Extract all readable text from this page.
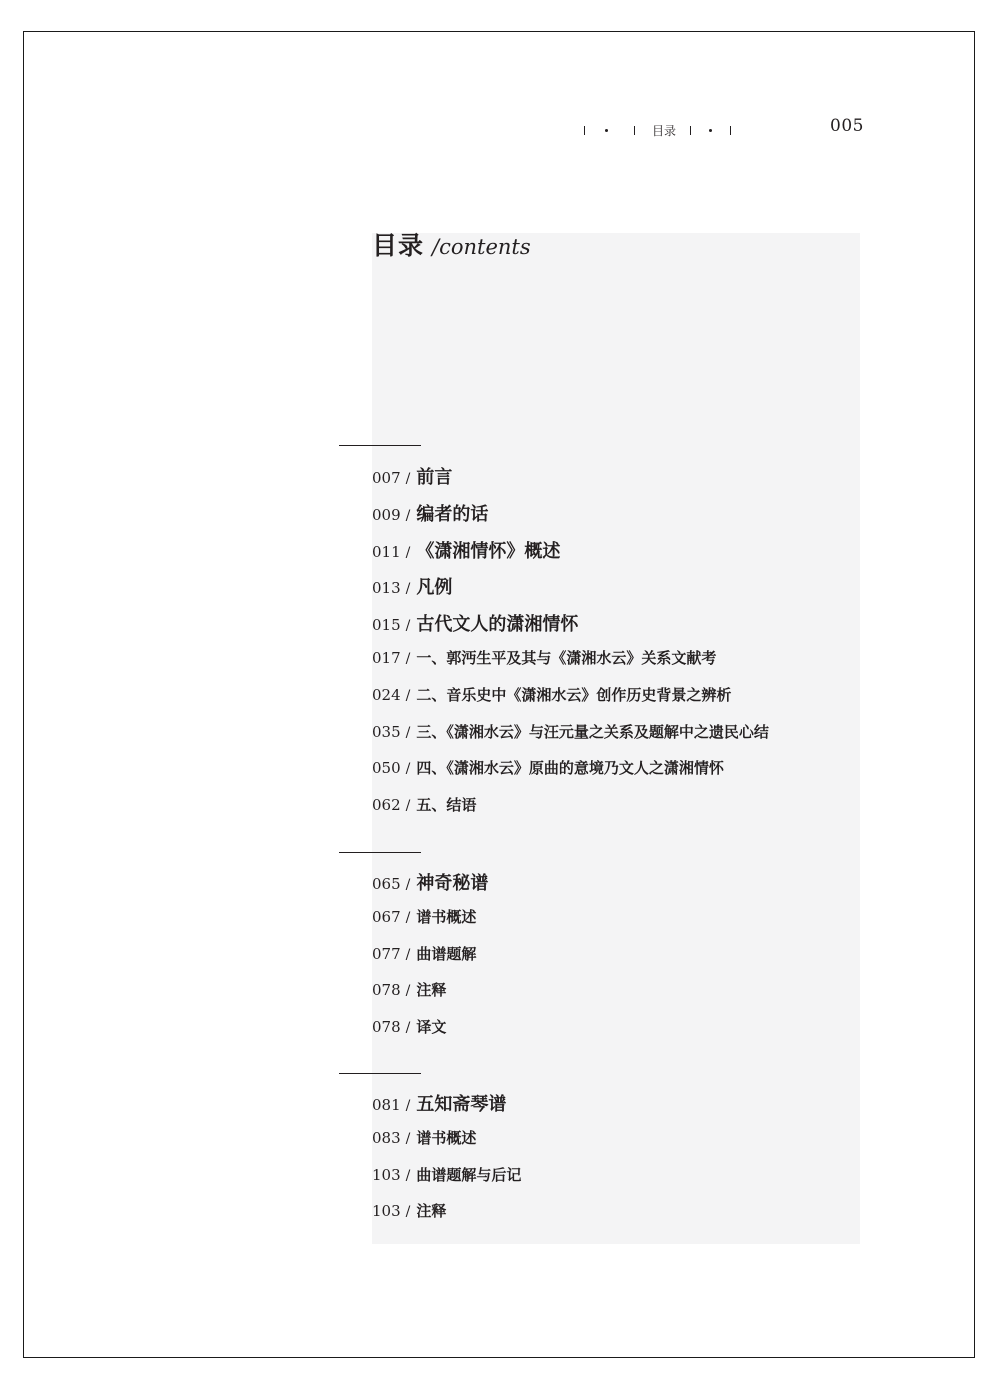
目录	005
目录 /contents
007 / 前言
009 / 编者的话
011 / 《潇湘情怀》概述
013 / 凡例
015 / 古代文人的潇湘情怀
017 / 一、郭沔生平及其与《潇湘水云》关系文献考
024 / 二、音乐史中《潇湘水云》创作历史背景之辨析
035 / 三、《潇湘水云》与汪元量之关系及题解中之遗民心结
050 / 四、《潇湘水云》原曲的意境乃文人之潇湘情怀
062 / 五、结语
065 / 神奇秘谱
067 / 谱书概述
077 / 曲谱题解
078 / 注释
078 / 译文
081 / 五知斋琴谱
083 / 谱书概述
103 / 曲谱题解与后记
103 / 注释
